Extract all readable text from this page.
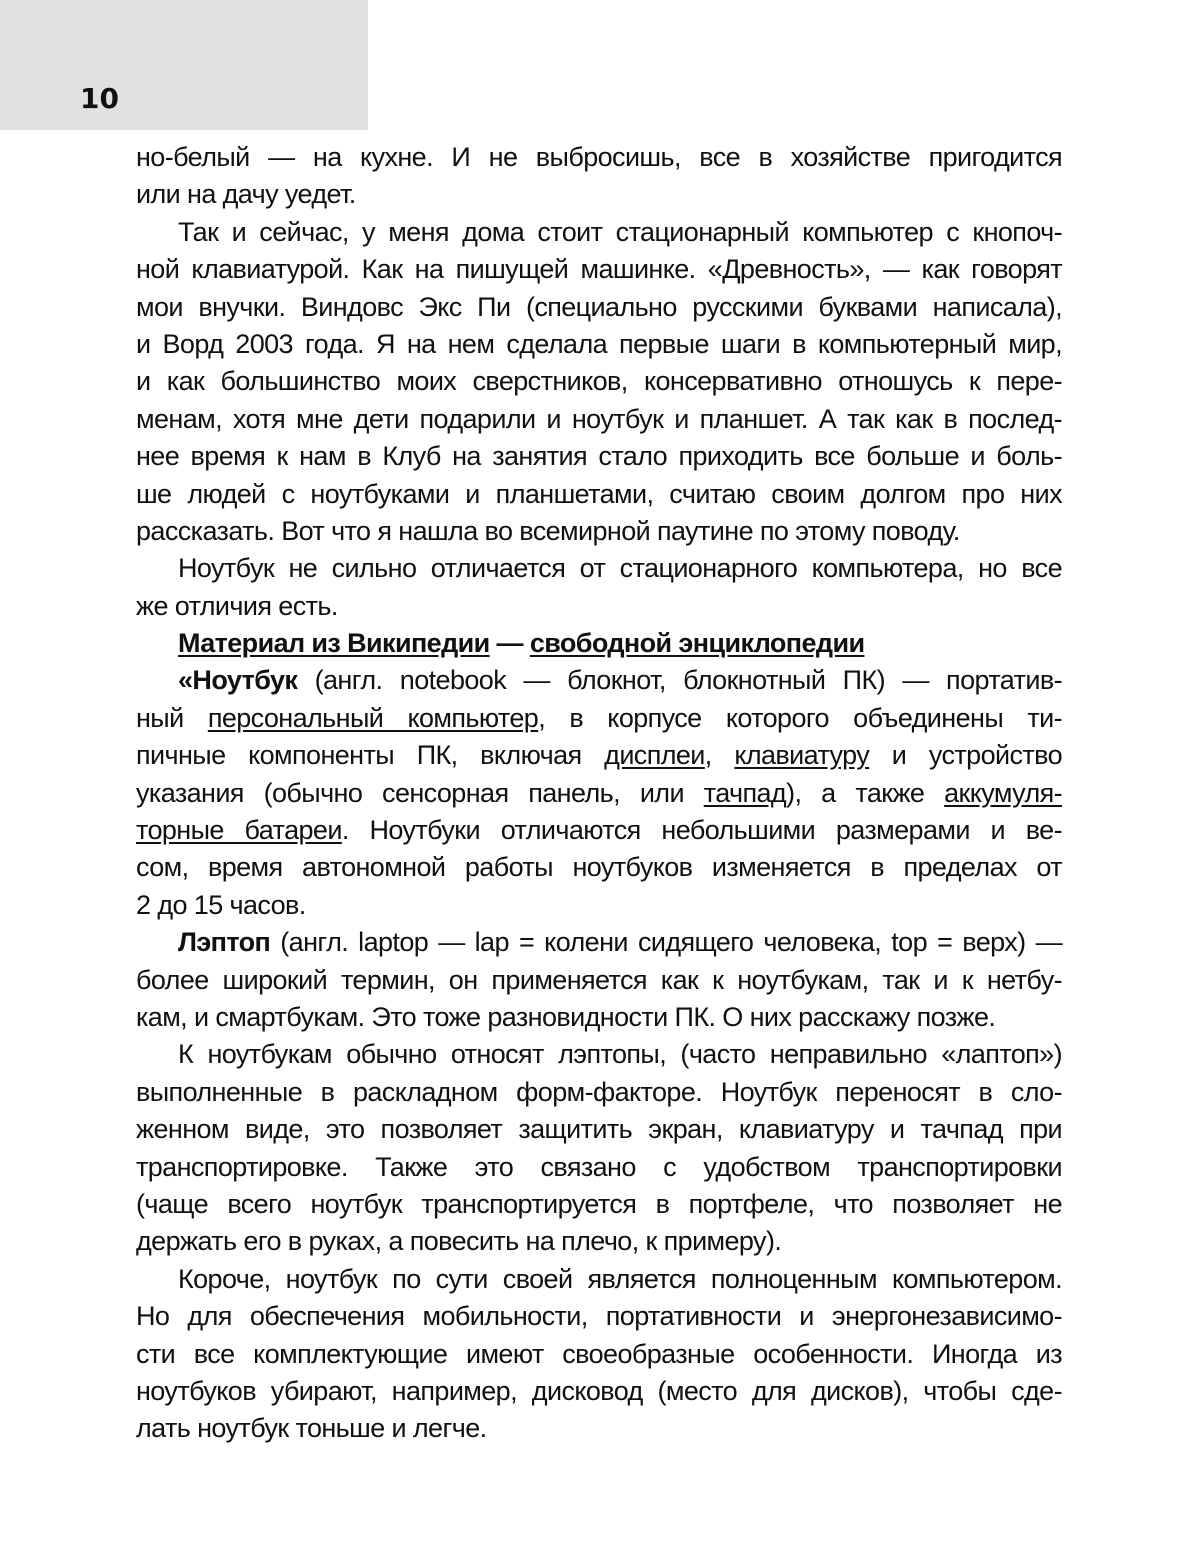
10
но-белый — на кухне. И не выбросишь, все в хозяйстве пригодится
или на дачу уедет.
Так и сейчас, у меня дома стоит стационарный компьютер с кнопоч-
ной клавиатурой. Как на пишущей машинке. «Древность», — как говорят
мои внучки. Виндовс Экс Пи (специально русскими буквами написала),
и Ворд 2003 года. Я на нем сделала первые шаги в компьютерный мир,
и как большинство моих сверстников, консервативно отношусь к пере-
менам, хотя мне дети подарили и ноутбук и планшет. А так как в послед-
нее время к нам в Клуб на занятия стало приходить все больше и боль-
ше людей с ноутбуками и планшетами, считаю своим долгом про них
рассказать. Вот что я нашла во всемирной паутине по этому поводу.
Ноутбук не сильно отличается от стационарного компьютера, но все
же отличия есть.
Материал из Википедии — свободной энциклопедии
«Ноутбук (англ. notebook — блокнот, блокнотный ПК) — портатив-
ный персональный компьютер, в корпусе которого объединены ти-
пичные компоненты ПК, включая дисплеи, клавиатуру и устройство
указания (обычно сенсорная панель, или тачпад), а также аккумуля-
торные батареи. Ноутбуки отличаются небольшими размерами и ве-
сом, время автономной работы ноутбуков изменяется в пределах от
2 до 15 часов.
Лэптоп (англ. laptop — lap = колени сидящего человека, top = верх) —
более широкий термин, он применяется как к ноутбукам, так и к нетбу-
кам, и смартбукам. Это тоже разновидности ПК. О них расскажу позже.
К ноутбукам обычно относят лэптопы, (часто неправильно «лаптоп»)
выполненные в раскладном форм-факторе. Ноутбук переносят в сло-
женном виде, это позволяет защитить экран, клавиатуру и тачпад при
транспортировке. Также это связано с удобством транспортировки
(чаще всего ноутбук транспортируется в портфеле, что позволяет не
держать его в руках, а повесить на плечо, к примеру).
Короче, ноутбук по сути своей является полноценным компьютером.
Но для обеспечения мобильности, портативности и энергонезависимо-
сти все комплектующие имеют своеобразные особенности. Иногда из
ноутбуков убирают, например, дисковод (место для дисков), чтобы сде-
лать ноутбук тоньше и легче.
